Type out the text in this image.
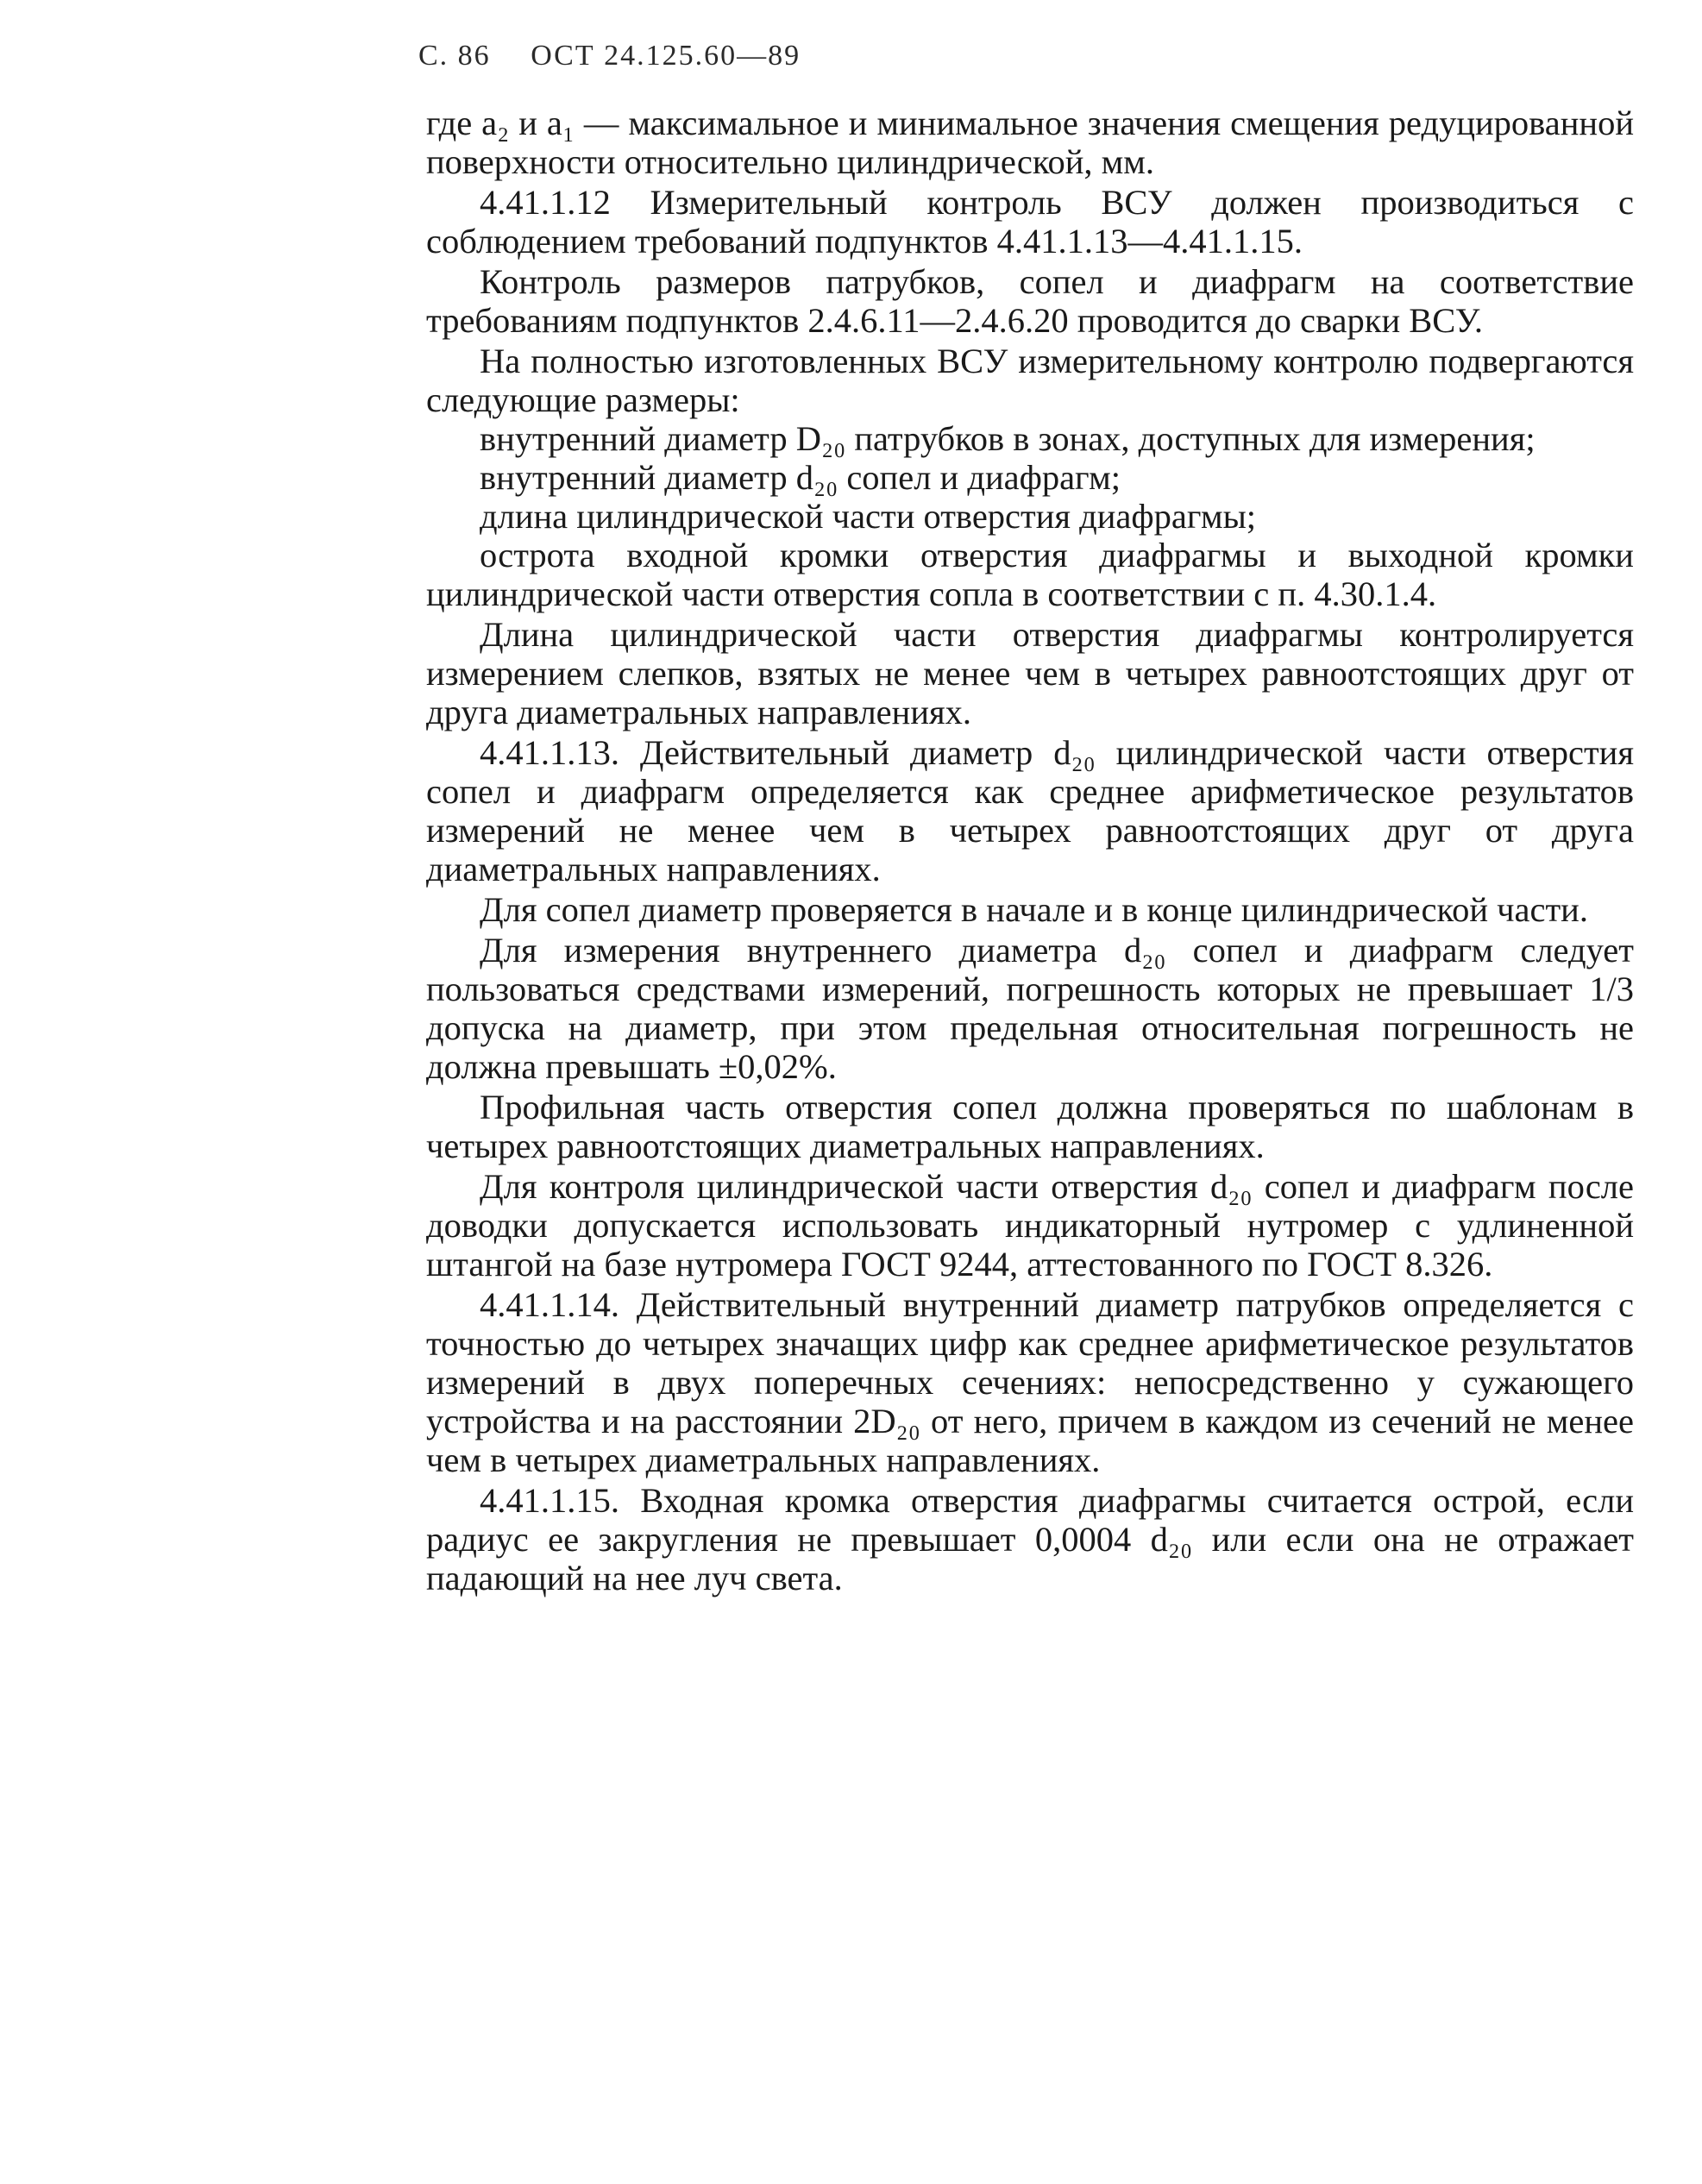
С. 86 ОСТ 24.125.60—89

где a₂ и a₁ — максимальное и минимальное значения смещения редуцированной поверхности относительно цилиндрической, мм.

4.41.1.12 Измерительный контроль ВСУ должен производиться с соблюдением требований подпунктов 4.41.1.13—4.41.1.15.

Контроль размеров патрубков, сопел и диафрагм на соответствие требованиям подпунктов 2.4.6.11—2.4.6.20 проводится до сварки ВСУ.

На полностью изготовленных ВСУ измерительному контролю подвергаются следующие размеры:

внутренний диаметр D₂₀ патрубков в зонах, доступных для измерения;

внутренний диаметр d₂₀ сопел и диафрагм;

длина цилиндрической части отверстия диафрагмы;

острота входной кромки отверстия диафрагмы и выходной кромки цилиндрической части отверстия сопла в соответствии с п. 4.30.1.4.

Длина цилиндрической части отверстия диафрагмы контролируется измерением слепков, взятых не менее чем в четырех равноотстоящих друг от друга диаметральных направлениях.

4.41.1.13. Действительный диаметр d₂₀ цилиндрической части отверстия сопел и диафрагм определяется как среднее арифметическое результатов измерений не менее чем в четырех равноотстоящих друг от друга диаметральных направлениях.

Для сопел диаметр проверяется в начале и в конце цилиндрической части.

Для измерения внутреннего диаметра d₂₀ сопел и диафрагм следует пользоваться средствами измерений, погрешность которых не превышает 1/3 допуска на диаметр, при этом предельная относительная погрешность не должна превышать ±0,02%.

Профильная часть отверстия сопел должна проверяться по шаблонам в четырех равноотстоящих диаметральных направлениях.

Для контроля цилиндрической части отверстия d₂₀ сопел и диафрагм после доводки допускается использовать индикаторный нутромер с удлиненной штангой на базе нутромера ГОСТ 9244, аттестованного по ГОСТ 8.326.

4.41.1.14. Действительный внутренний диаметр патрубков определяется с точностью до четырех значащих цифр как среднее арифметическое результатов измерений в двух поперечных сечениях: непосредственно у сужающего устройства и на расстоянии 2D₂₀ от него, причем в каждом из сечений не менее чем в четырех диаметральных направлениях.

4.41.1.15. Входная кромка отверстия диафрагмы считается острой, если радиус ее закругления не превышает 0,0004 d₂₀ или если она не отражает падающий на нее луч света.
